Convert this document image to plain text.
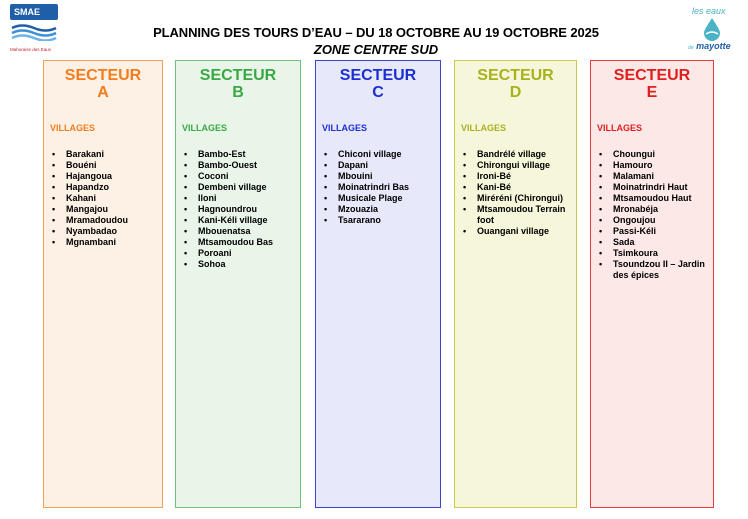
SMAE
Mahoraise des Eaux
les eaux
de mayotte
PLANNING DES TOURS D’EAU – DU 18 OCTOBRE AU 19 OCTOBRE 2025
ZONE CENTRE SUD
SECTEUR
A
VILLAGES
• Barakani
• Bouéni
• Hajangoua
• Hapandzo
• Kahani
• Mangajou
• Mramadoudou
• Nyambadao
• Mgnambani
SECTEUR
B
VILLAGES
• Bambo-Est
• Bambo-Ouest
• Coconi
• Dembeni village
• Iloni
• Hagnoundrou
• Kani-Kéli village
• Mbouenatsa
• Mtsamoudou Bas
• Poroani
• Sohoa
SECTEUR
C
VILLAGES
• Chiconi village
• Dapani
• Mbouini
• Moinatrindri Bas
• Musicale Plage
• Mzouazia
• Tsararano
SECTEUR
D
VILLAGES
• Bandrélé village
• Chirongui village
• Ironi-Bé
• Kani-Bé
• Miréréni (Chirongui)
• Mtsamoudou Terrain foot
• Ouangani village
SECTEUR
E
VILLAGES
• Choungui
• Hamouro
• Malamani
• Moinatrindri Haut
• Mtsamoudou Haut
• Mronabéja
• Ongoujou
• Passi-Kéli
• Sada
• Tsimkoura
• Tsoundzou II – Jardin des épices
